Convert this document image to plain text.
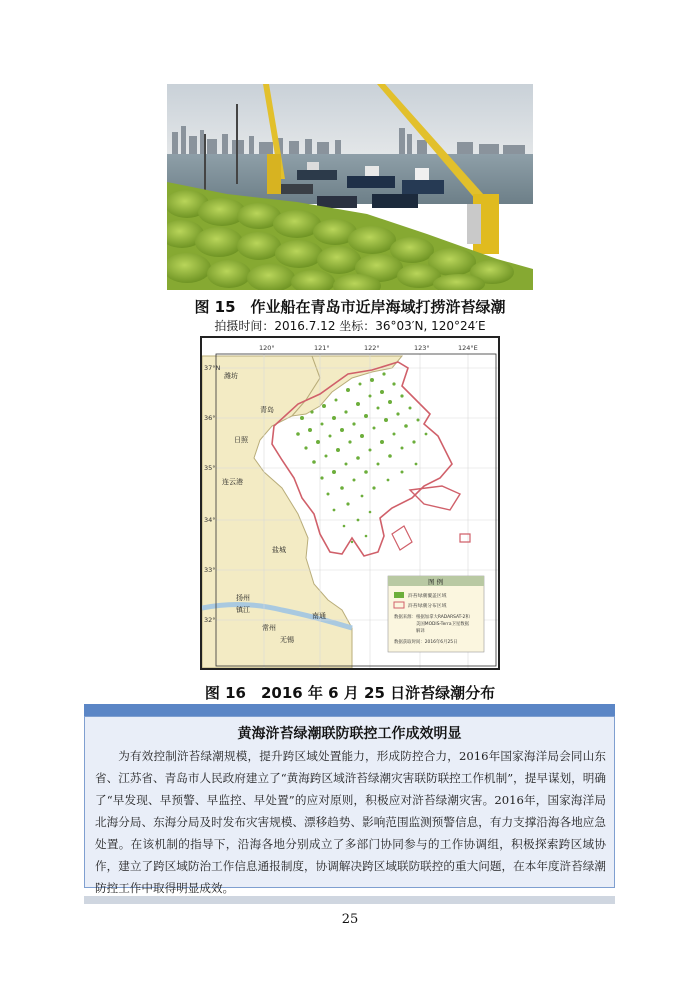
图 15　作业船在青岛市近岸海域打捞浒苔绿潮
拍摄时间：2016.7.12 坐标：36°03′N, 120°24′E
120°	121°	122°	123°	124°E
37°N
36°
35°
34°
33°
32°
潍坊
青岛
日照
连云港
盐城
扬州
镇江
南通
常州
无锡
图 例
浒苔绿潮覆盖区域
浒苔绿潮分布区域
数据来源：根据加拿大RADARSAT-2和
美国MODIS-Terra卫星数据
解译
数据获取时间：2016年6月25日
图 16　2016 年 6 月 25 日浒苔绿潮分布
黄海浒苔绿潮联防联控工作成效明显
为有效控制浒苔绿潮规模，提升跨区域处置能力，形成防控合力，2016年国家海洋局会同山东省、江苏省、青岛市人民政府建立了“黄海跨区域浒苔绿潮灾害联防联控工作机制”，提早谋划，明确了“早发现、早预警、早监控、早处置”的应对原则，积极应对浒苔绿潮灾害。2016年，国家海洋局北海分局、东海分局及时发布灾害规模、漂移趋势、影响范围监测预警信息，有力支撑沿海各地应急处置。在该机制的指导下，沿海各地分别成立了多部门协同参与的工作协调组，积极探索跨区域协作，建立了跨区域防治工作信息通报制度，协调解决跨区域联防联控的重大问题，在本年度浒苔绿潮防控工作中取得明显成效。
25
